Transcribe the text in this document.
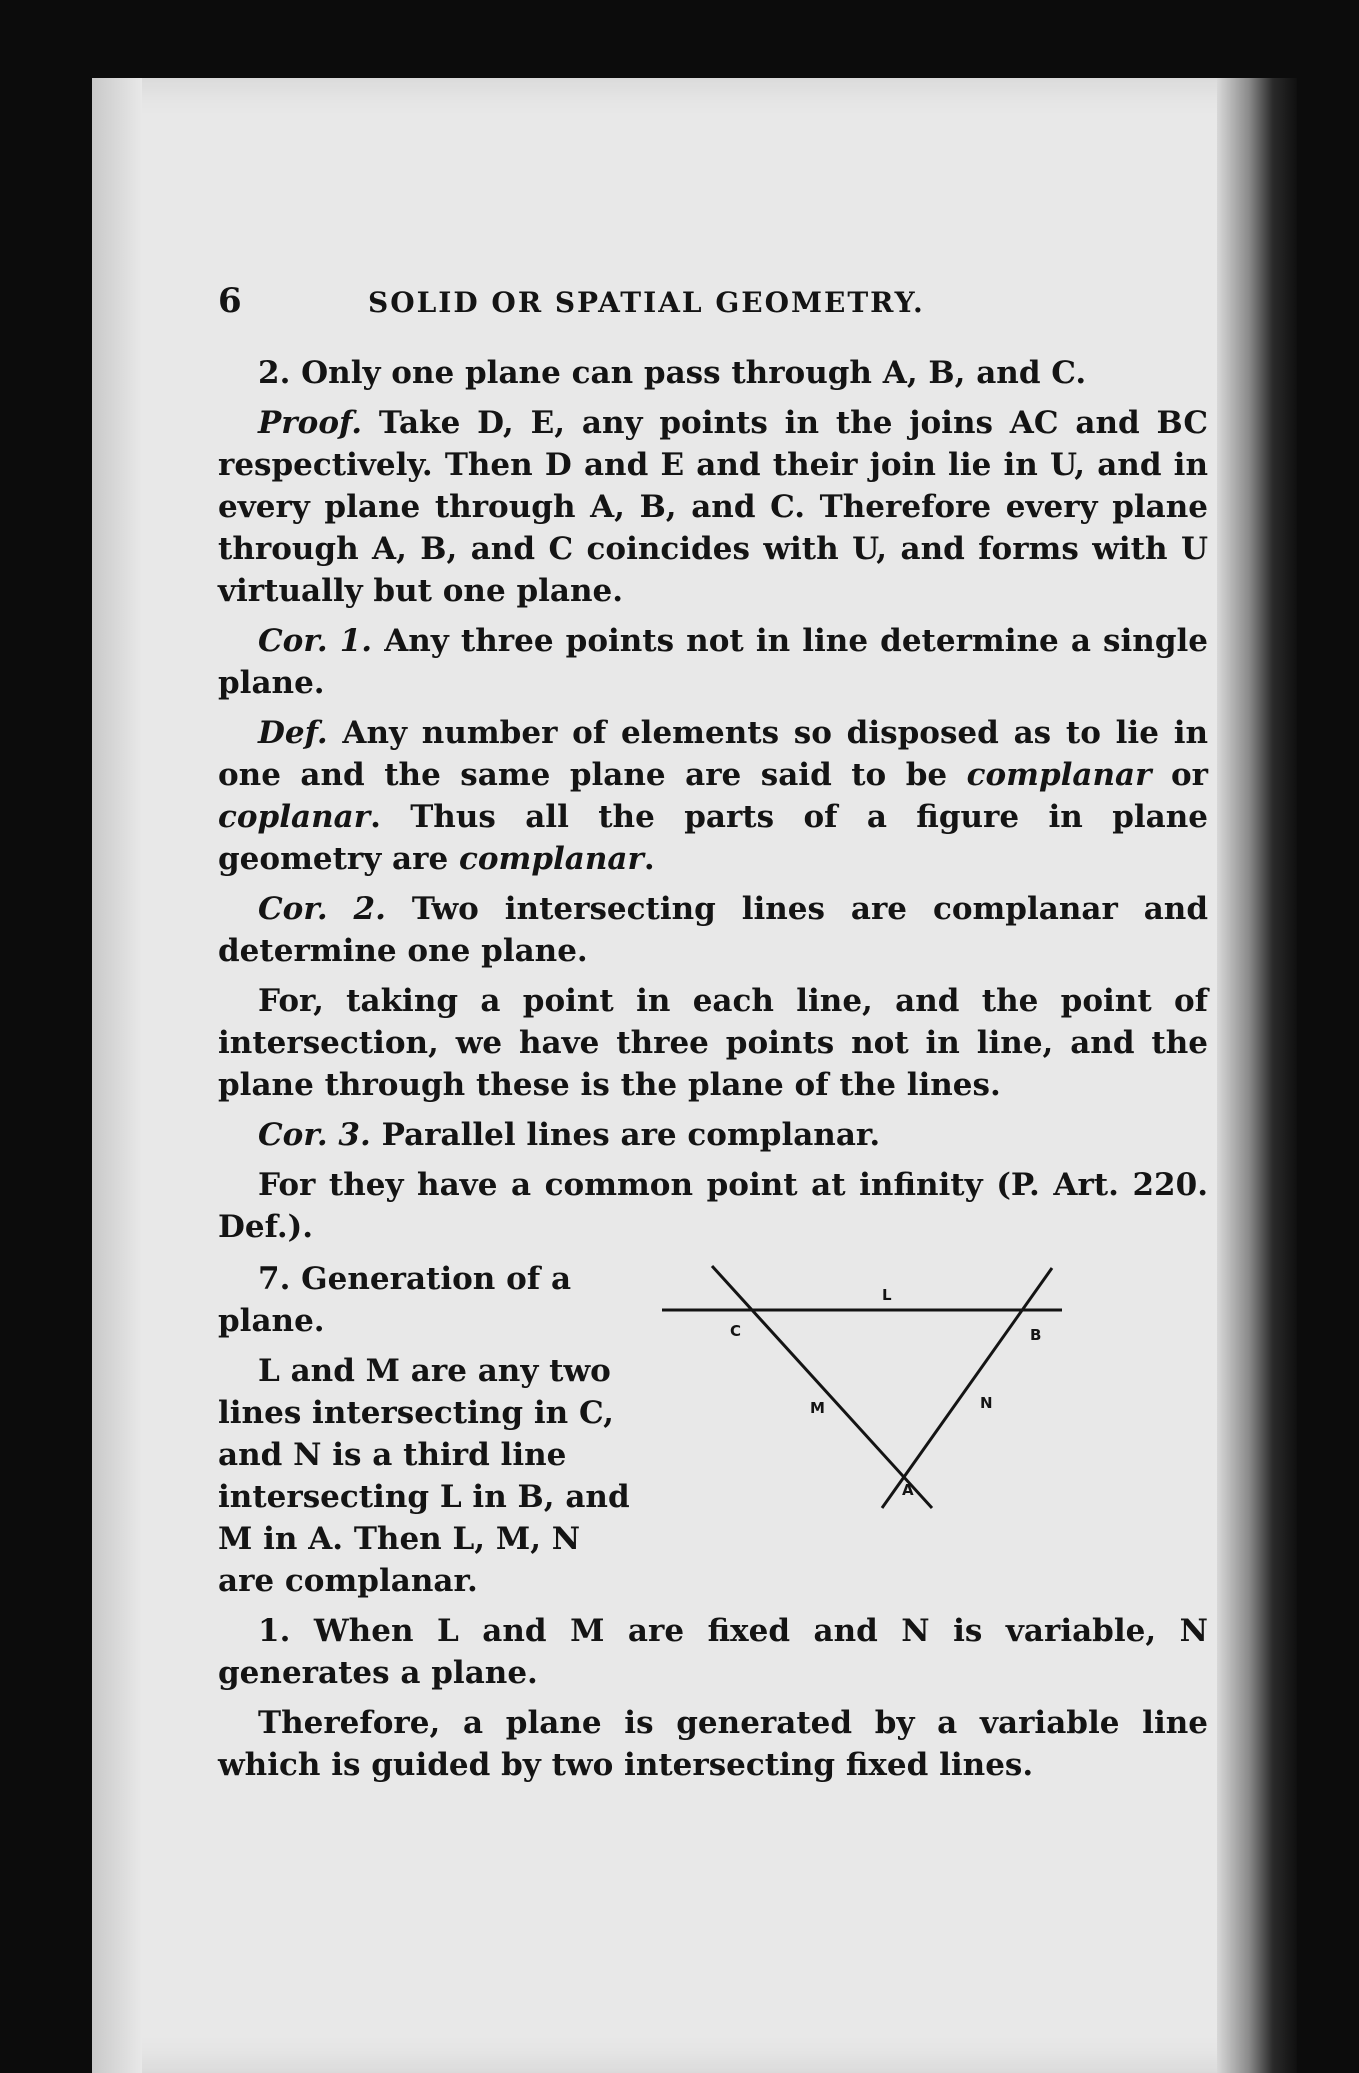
6	SOLID OR SPATIAL GEOMETRY.

2. Only one plane can pass through A, B, and C.

Proof. Take D, E, any points in the joins AC and BC respectively. Then D and E and their join lie in U, and in every plane through A, B, and C. Therefore every plane through A, B, and C coincides with U, and forms with U virtually but one plane.

Cor. 1. Any three points not in line determine a single plane.

Def. Any number of elements so disposed as to lie in one and the same plane are said to be complanar or coplanar. Thus all the parts of a figure in plane geometry are complanar.

Cor. 2. Two intersecting lines are complanar and determine one plane.

For, taking a point in each line, and the point of intersection, we have three points not in line, and the plane through these is the plane of the lines.

Cor. 3. Parallel lines are complanar.

For they have a common point at infinity (P. Art. 220. Def.).

7. Generation of a plane.

L and M are any two lines intersecting in C, and N is a third line intersecting L in B, and M in A. Then L, M, N are complanar.

L
C	B
M	N
A

1. When L and M are fixed and N is variable, N generates a plane.

Therefore, a plane is generated by a variable line which is guided by two intersecting fixed lines.
